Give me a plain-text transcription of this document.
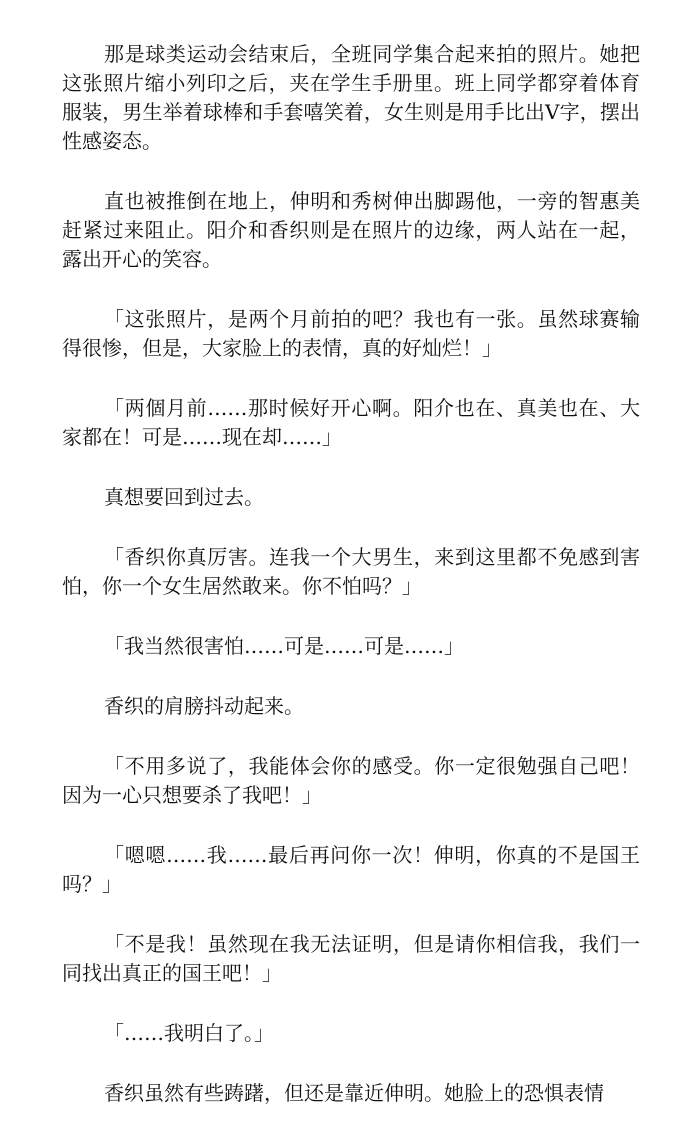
那是球类运动会结束后，全班同学集合起来拍的照片。她把这张照片缩小列印之后，夹在学生手册里。班上同学都穿着体育服装，男生举着球棒和手套嘻笑着，女生则是用手比出V字，摆出性感姿态。

直也被推倒在地上，伸明和秀树伸出脚踢他，一旁的智惠美赶紧过来阻止。阳介和香织则是在照片的边缘，两人站在一起，露出开心的笑容。

「这张照片，是两个月前拍的吧？我也有一张。虽然球赛输得很惨，但是，大家脸上的表情，真的好灿烂！」

「两個月前……那时候好开心啊。阳介也在、真美也在、大家都在！可是……现在却……」

真想要回到过去。

「香织你真厉害。连我一个大男生，来到这里都不免感到害怕，你一个女生居然敢来。你不怕吗？」

「我当然很害怕……可是……可是……」

香织的肩膀抖动起来。

「不用多说了，我能体会你的感受。你一定很勉强自己吧！因为一心只想要杀了我吧！」

「嗯嗯……我……最后再问你一次！伸明，你真的不是国王吗？」

「不是我！虽然现在我无法证明，但是请你相信我，我们一同找出真正的国王吧！」

「……我明白了。」

香织虽然有些踌躇，但还是靠近伸明。她脸上的恐惧表情
